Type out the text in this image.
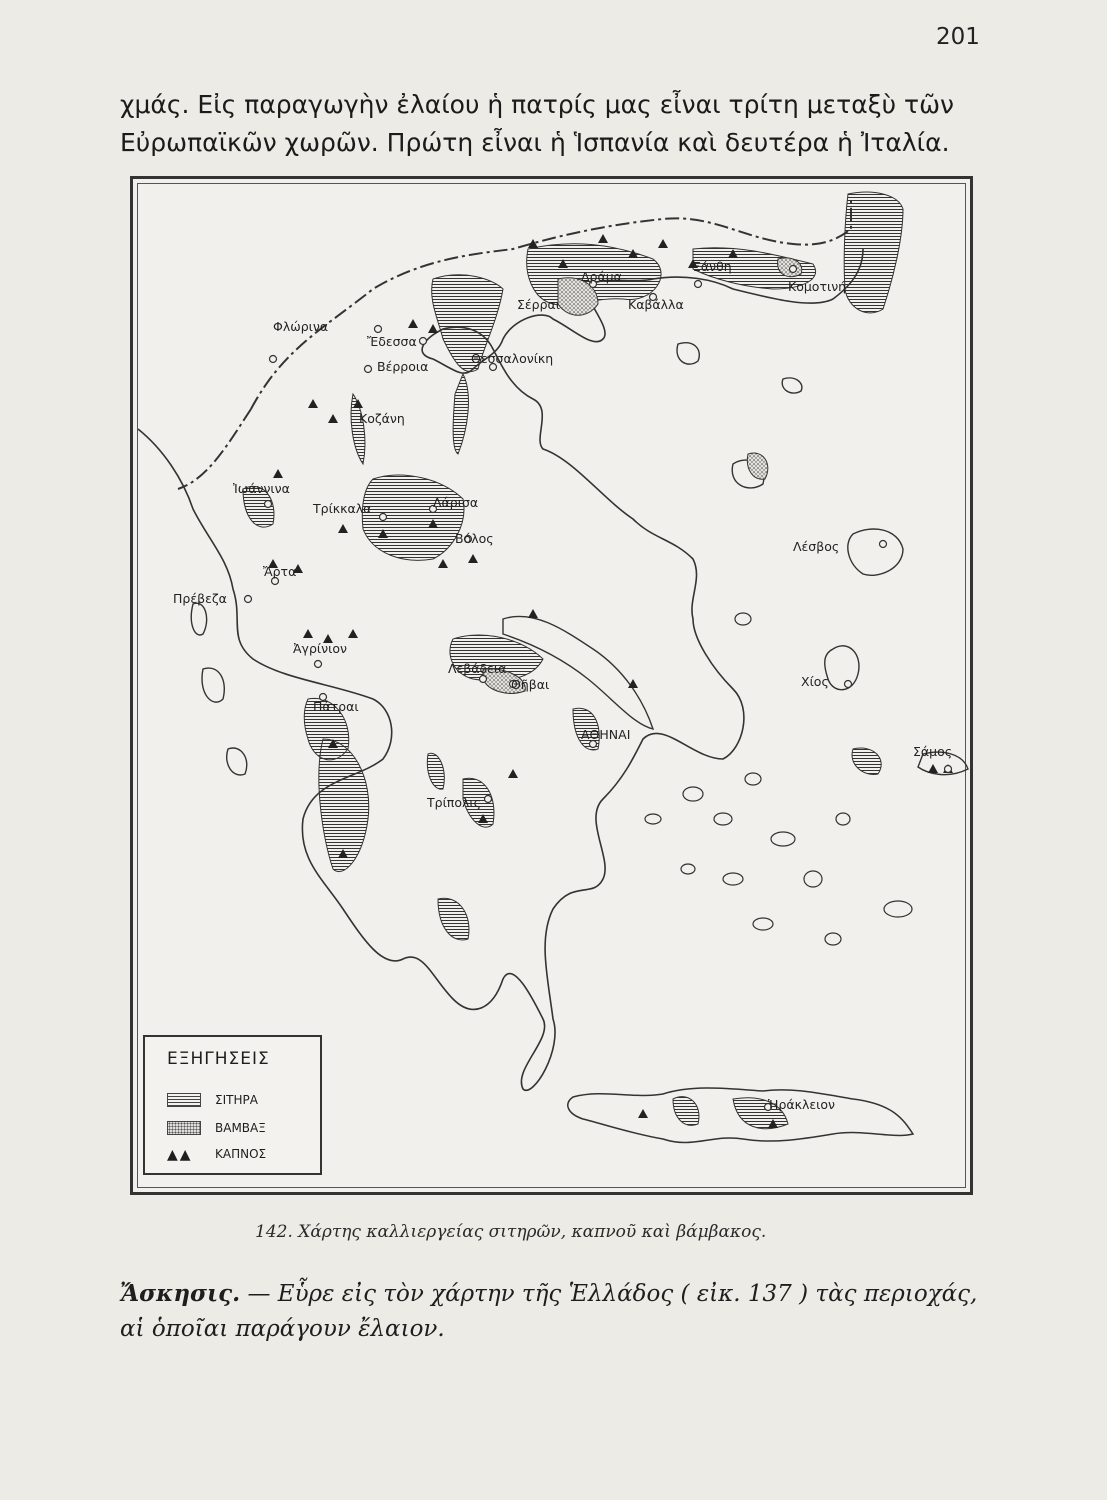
201
χμάς. Εἰς παραγωγὴν ἐλαίου ἡ πατρίς μας εἶναι τρίτη μεταξὺ τῶν
Εὐρωπαϊκῶν χωρῶν. Πρώτη εἶναι ἡ Ἱσπανία καὶ δευτέρα ἡ Ἰταλία.
Φλώρινα
Ἔδεσσα
Βέρροια
Θεσσαλονίκη
Κοζάνη
Σέρραι
Δράμα
Καβάλλα
Ξάνθη
Κομοτινή
Ἰωάννινα
Τρίκκαλα	Λάρισα
Βόλος
Ἄρτα
Πρέβεζα
Ἀγρίνιον
Πάτραι
Λεβάδεια
Θῆβαι
ΑΘΗΝΑΙ
Τρίπολις
Λέσβος
Χίος
Σάμος
Ἡράκλειον
ΕΞΗΓΗΣΕΙΣ
ΣΙΤΗΡΑ
ΒΑΜΒΑΞ
▲▲	ΚΑΠΝΟΣ
142. Χάρτης καλλιεργείας σιτηρῶν, καπνοῦ καὶ βάμβακος.
Ἄσκησις. — Εὗρε εἰς τὸν χάρτην τῆς Ἑλλάδος ( εἰκ. 137 ) τὰς περιοχάς, αἱ ὁποῖαι παράγουν ἔλαιον.
